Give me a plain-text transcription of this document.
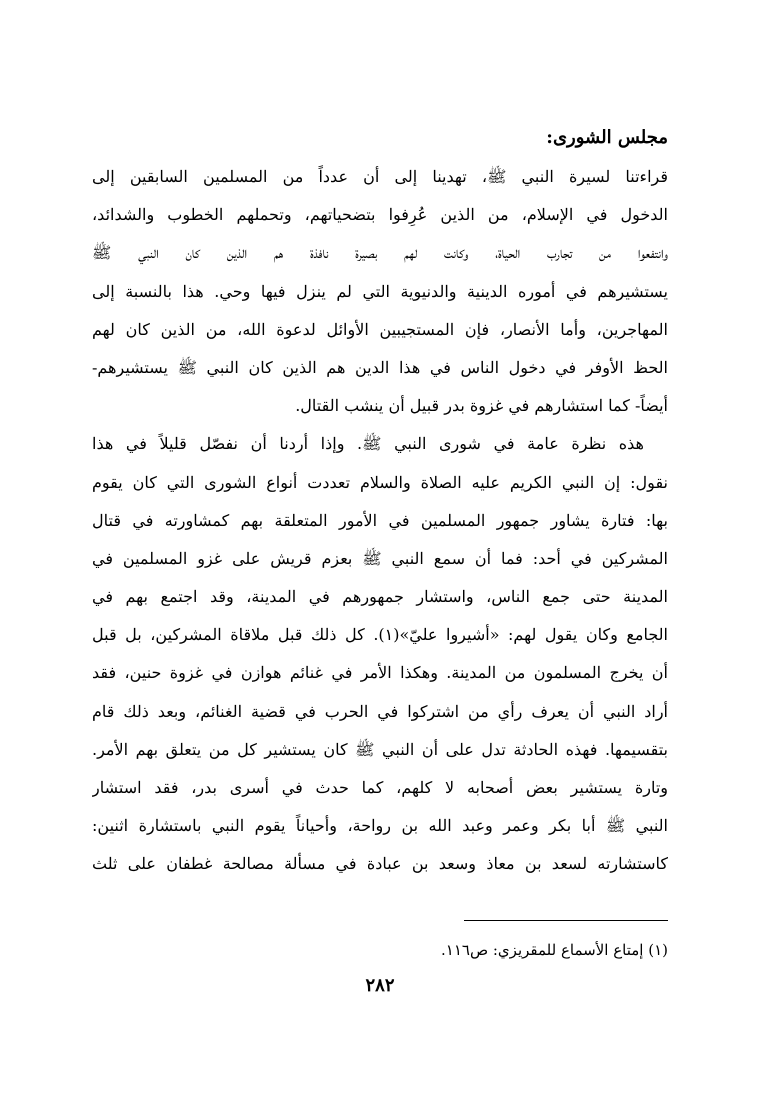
مجلس الشورى:
قراءتنا لسيرة النبي ﷺ، تهدينا إلى أن عدداً من المسلمين السابقين إلى
الدخول في الإسلام، من الذين عُرِفوا بتضحياتهم، وتحملهم الخطوب والشدائد،
وانتفعوا من تجارب الحياة، وكانت لهم بصيرة نافذة هم الذين كان النبي ﷺ
يستشيرهم في أموره الدينية والدنيوية التي لم ينزل فيها وحي. هذا بالنسبة إلى
المهاجرين، وأما الأنصار، فإن المستجيبين الأوائل لدعوة الله، من الذين كان لهم
الحظ الأوفر في دخول الناس في هذا الدين هم الذين كان النبي ﷺ يستشيرهم-
أيضاً- كما استشارهم في غزوة بدر قبيل أن ينشب القتال.
هذه نظرة عامة في شورى النبي ﷺ. وإذا أردنا أن نفصّل قليلاً في هذا
نقول: إن النبي الكريم عليه الصلاة والسلام تعددت أنواع الشورى التي كان يقوم
بها: فتارة يشاور جمهور المسلمين في الأمور المتعلقة بهم كمشاورته في قتال
المشركين في أحد: فما أن سمع النبي ﷺ بعزم قريش على غزو المسلمين في
المدينة حتى جمع الناس، واستشار جمهورهم في المدينة، وقد اجتمع بهم في
الجامع وكان يقول لهم: «أشيروا عليّ»(١). كل ذلك قبل ملاقاة المشركين، بل قبل
أن يخرج المسلمون من المدينة. وهكذا الأمر في غنائم هوازن في غزوة حنين، فقد
أراد النبي أن يعرف رأي من اشتركوا في الحرب في قضية الغنائم، وبعد ذلك قام
بتقسيمها. فهذه الحادثة تدل على أن النبي ﷺ كان يستشير كل من يتعلق بهم الأمر.
وتارة يستشير بعض أصحابه لا كلهم، كما حدث في أسرى بدر، فقد استشار
النبي ﷺ أبا بكر وعمر وعبد الله بن رواحة، وأحياناً يقوم النبي باستشارة اثنين:
كاستشارته لسعد بن معاذ وسعد بن عبادة في مسألة مصالحة غطفان على ثلث
(١) إمتاع الأسماع للمقريزي: ص١١٦.
٢٨٢
